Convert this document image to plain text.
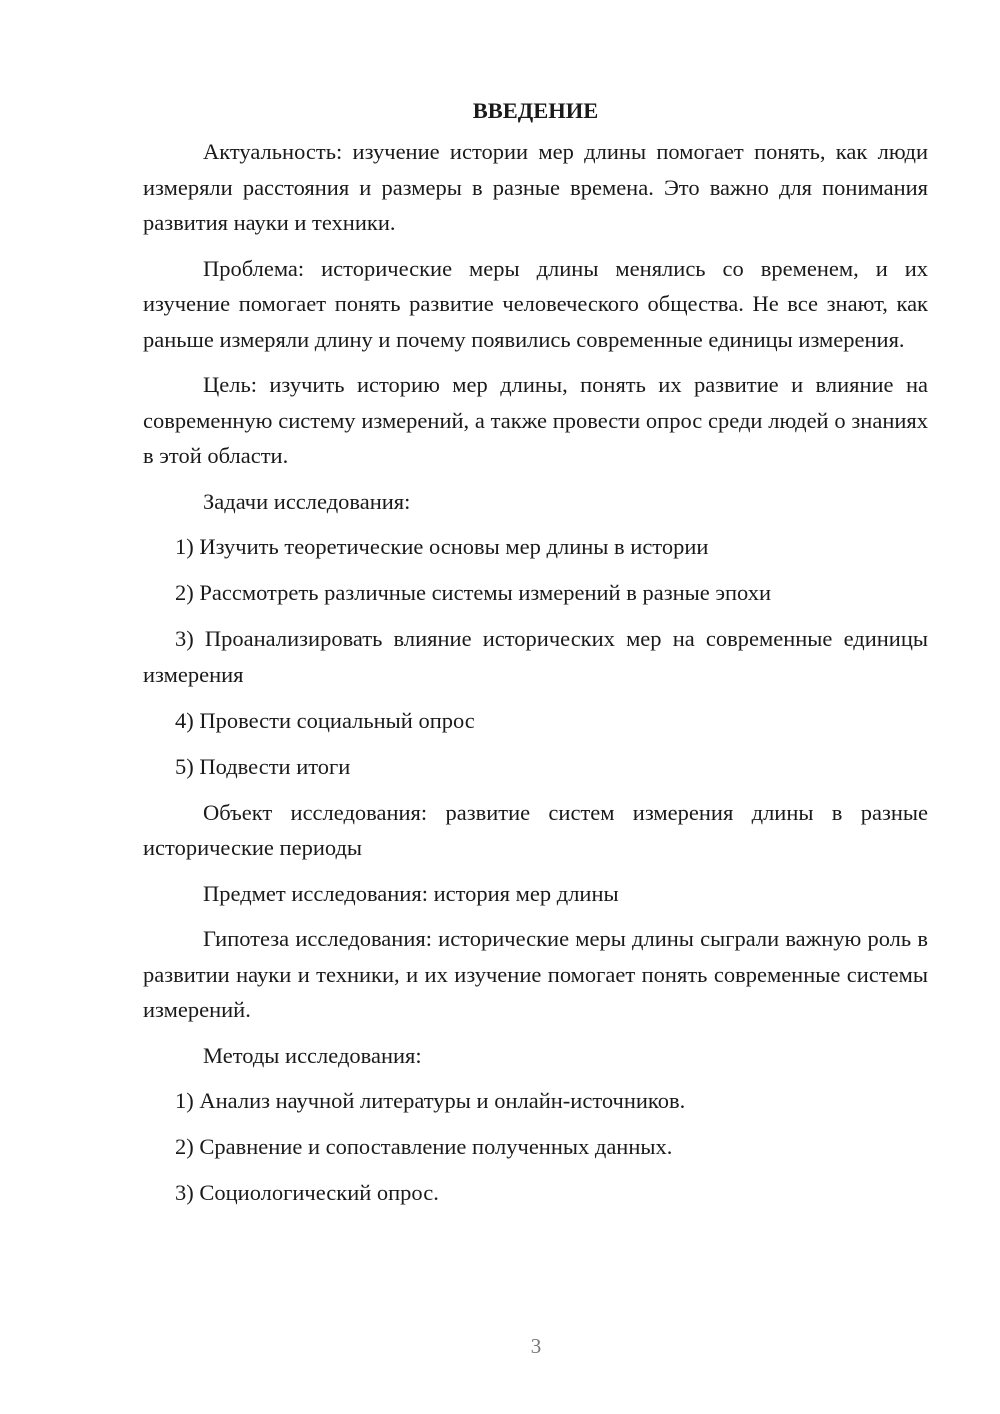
ВВЕДЕНИЕ

Актуальность: изучение истории мер длины помогает понять, как люди измеряли расстояния и размеры в разные времена. Это важно для понимания развития науки и техники.

Проблема: исторические меры длины менялись со временем, и их изучение помогает понять развитие человеческого общества. Не все знают, как раньше измеряли длину и почему появились современные единицы измерения.

Цель: изучить историю мер длины, понять их развитие и влияние на современную систему измерений, а также провести опрос среди людей о знаниях в этой области.

Задачи исследования:

1) Изучить теоретические основы мер длины в истории

2) Рассмотреть различные системы измерений в разные эпохи

3) Проанализировать влияние исторических мер на современные единицы измерения

4) Провести социальный опрос

5) Подвести итоги

Объект исследования: развитие систем измерения длины в разные исторические периоды

Предмет исследования: история мер длины

Гипотеза исследования: исторические меры длины сыграли важную роль в развитии науки и техники, и их изучение помогает понять современные системы измерений.

Методы исследования:

1) Анализ научной литературы и онлайн-источников.

2) Сравнение и сопоставление полученных данных.

3) Социологический опрос.

3
